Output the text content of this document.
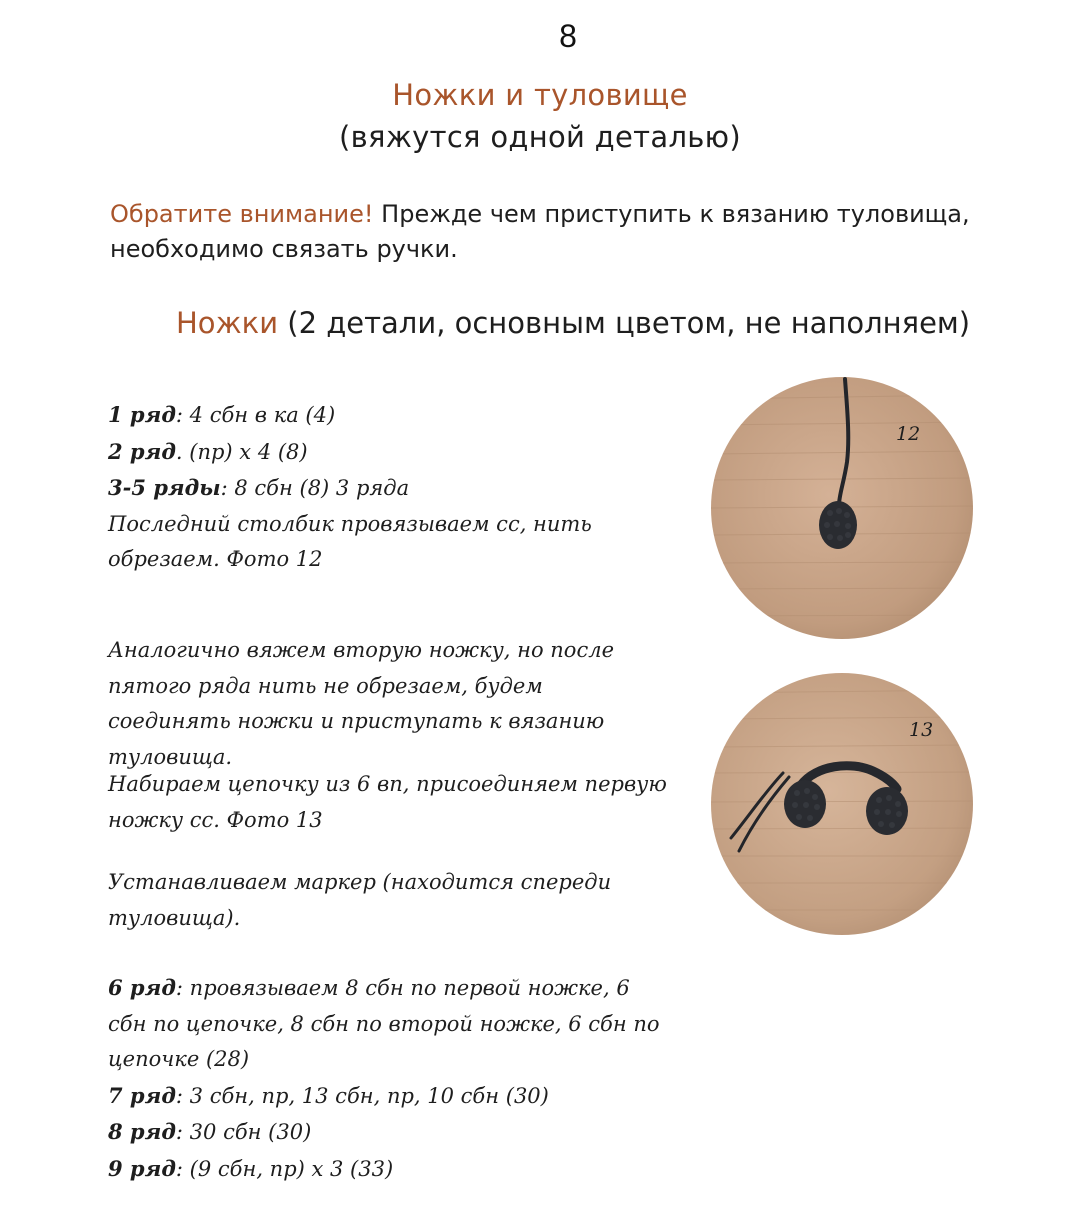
8
Ножки и туловище
(вяжутся одной деталью)
Обратите внимание! Прежде чем приступить к вязанию туловища, необходимо связать ручки.
Ножки (2 детали, основным цветом, не наполняем)
1 ряд: 4 сбн в ка (4)
2 ряд. (пр) x 4 (8)
3-5 ряды: 8 сбн (8) 3 ряда
Последний столбик провязываем сс, нить обрезаем. Фото 12
Аналогично вяжем вторую ножку, но после пятого ряда нить не обрезаем, будем соединять ножки и приступать к вязанию туловища.
Набираем цепочку из 6 вп, присоединяем первую ножку сс. Фото 13
Устанавливаем маркер (находится спереди туловища).
6 ряд: провязываем 8 сбн по первой ножке, 6 сбн по цепочке, 8 сбн по второй ножке, 6 сбн по цепочке (28)
7 ряд: 3 сбн, пр, 13 сбн, пр, 10 сбн (30)
8 ряд: 30 сбн (30)
9 ряд: (9 сбн, пр) x 3 (33)
12
13
